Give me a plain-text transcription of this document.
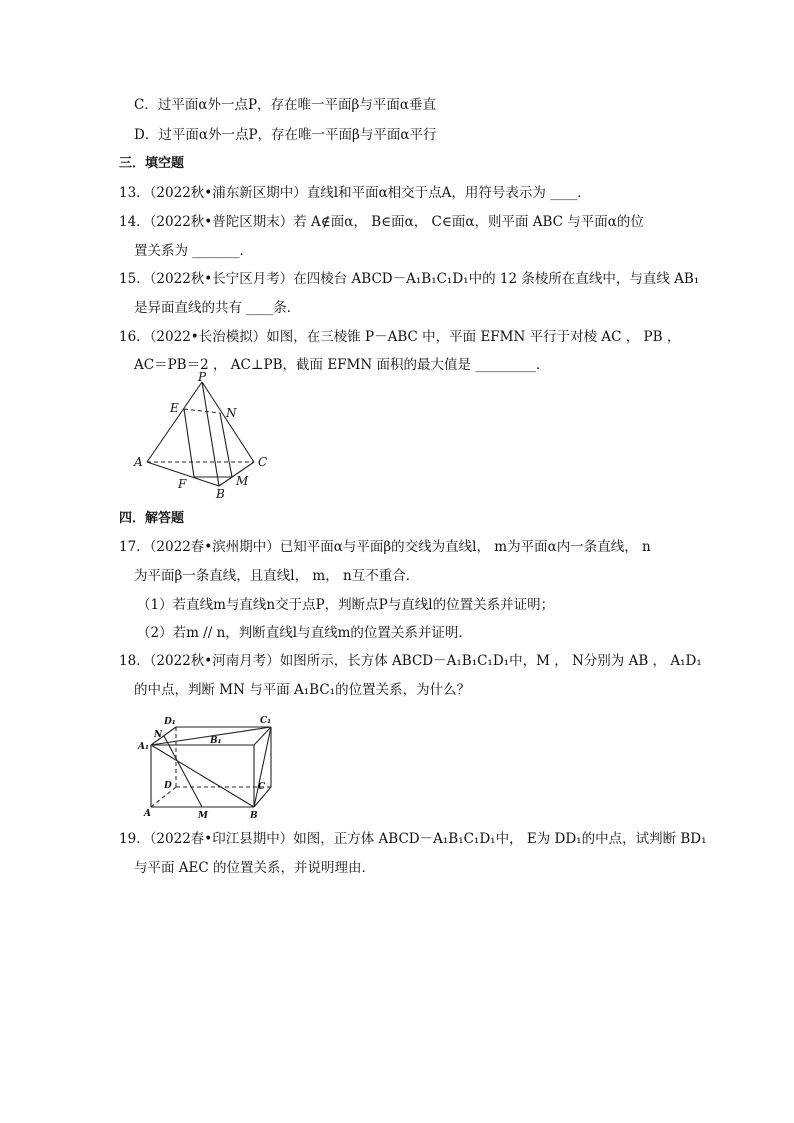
C．过平面α外一点P，存在唯一平面β与平面α垂直
D．过平面α外一点P，存在唯一平面β与平面α平行
三．填空题
13．（2022秋•浦东新区期中）直线l和平面α相交于点A，用符号表示为 ____．
14．（2022秋•普陀区期末）若 A∉面α， B∈面α， C∈面α，则平面 ABC 与平面α的位
置关系为 _______．
15．（2022秋•长宁区月考）在四棱台 ABCD－A₁B₁C₁D₁中的 12 条棱所在直线中，与直线 AB₁
是异面直线的共有 ____条．
16．（2022•长治模拟）如图，在三棱锥 P－ABC 中，平面 EFMN 平行于对棱 AC ， PB ，
AC＝PB＝2 ， AC⊥PB，截面 EFMN 面积的最大值是 _________．
P
E	N
A	C
F	M
B
四．解答题
17．（2022春•滨州期中）已知平面α与平面β的交线为直线l， m为平面α内一条直线， n
为平面β一条直线，且直线l， m， n互不重合．
（1）若直线m与直线n交于点P，判断点P与直线l的位置关系并证明；
（2）若m // n，判断直线l与直线m的位置关系并证明．
18．（2022秋•河南月考）如图所示，长方体 ABCD－A₁B₁C₁D₁中，M ， N分别为 AB ， A₁D₁
的中点，判断 MN 与平面 A₁BC₁的位置关系，为什么？
D₁	C₁
N
B₁
A₁
D	C
A	M	B
19．（2022春•印江县期中）如图，正方体 ABCD－A₁B₁C₁D₁中， E为 DD₁的中点，试判断 BD₁
与平面 AEC 的位置关系，并说明理由．
